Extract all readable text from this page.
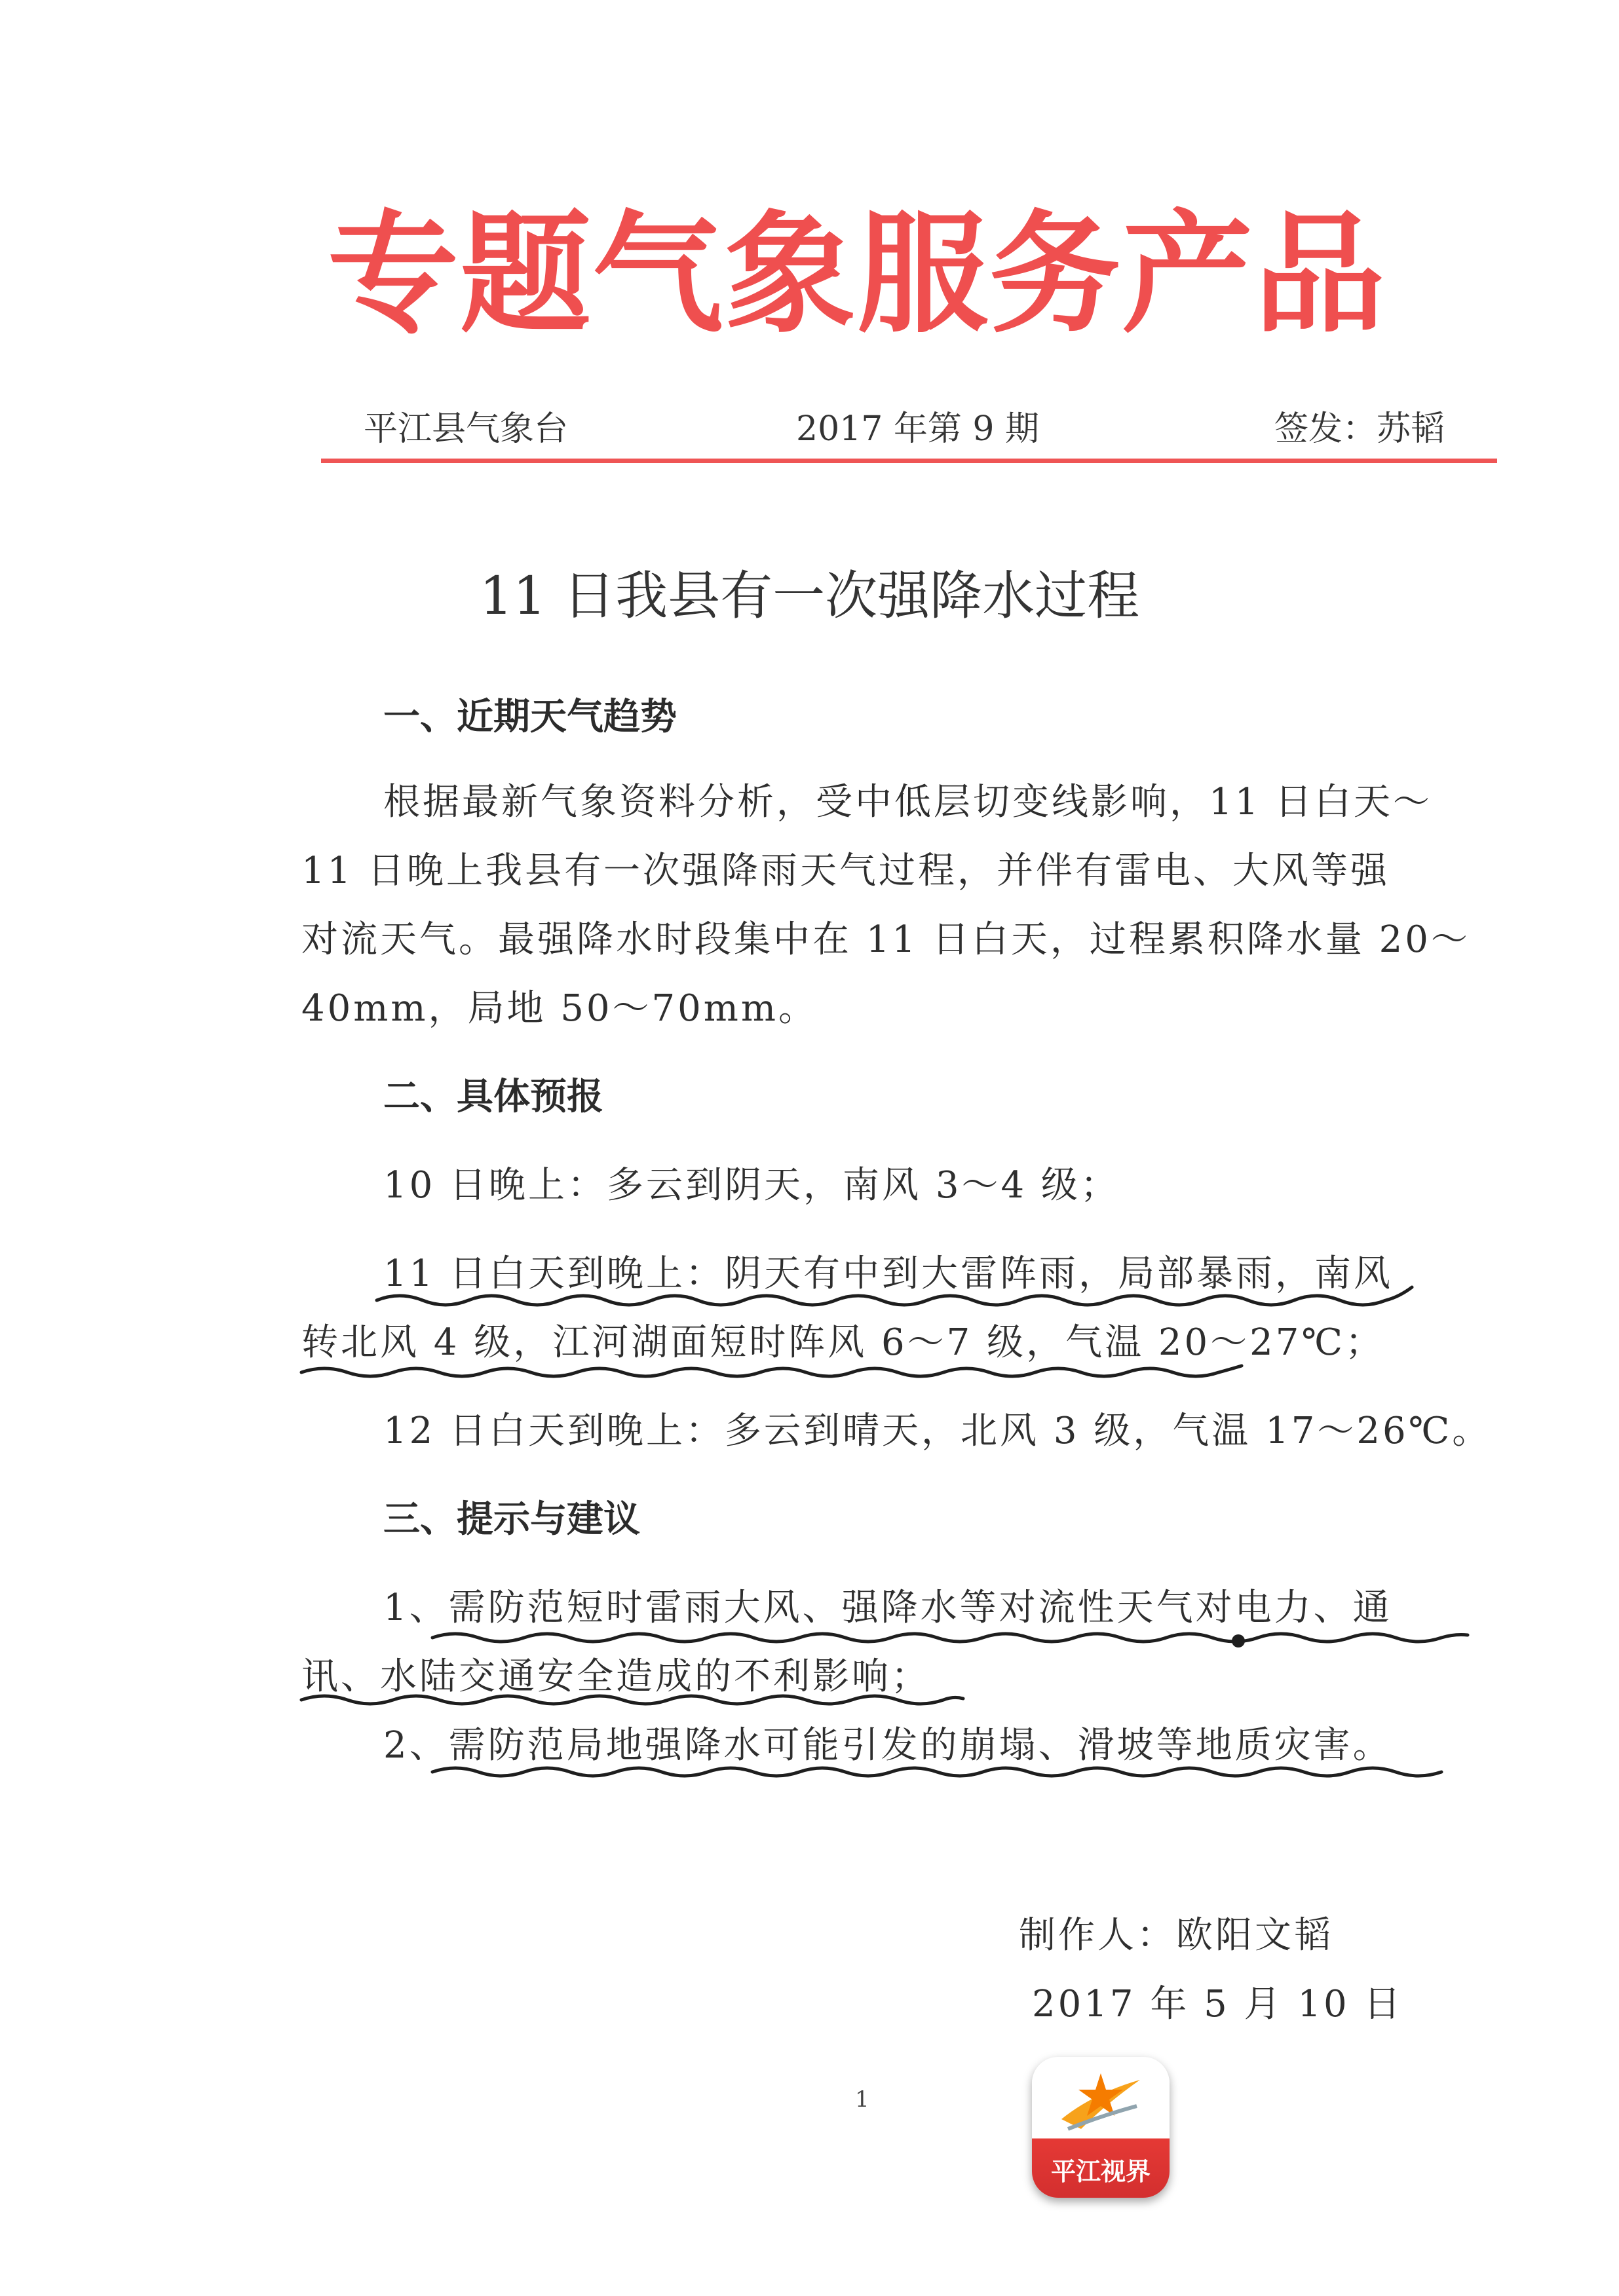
专题气象服务产品
平江县气象台	2017 年第 9 期	签发：苏韬
11 日我县有一次强降水过程
一、近期天气趋势
根据最新气象资料分析，受中低层切变线影响，11 日白天～
11 日晚上我县有一次强降雨天气过程，并伴有雷电、大风等强
对流天气。最强降水时段集中在 11 日白天，过程累积降水量 20～
40mm，局地 50～70mm。
二、具体预报
10 日晚上：多云到阴天，南风 3～4 级；
11 日白天到晚上：阴天有中到大雷阵雨，局部暴雨，南风
转北风 4 级，江河湖面短时阵风 6～7 级，气温 20～27℃；
12 日白天到晚上：多云到晴天，北风 3 级，气温 17～26℃。
三、提示与建议
1、需防范短时雷雨大风、强降水等对流性天气对电力、通
讯、水陆交通安全造成的不利影响；
2、需防范局地强降水可能引发的崩塌、滑坡等地质灾害。
制作人：欧阳文韬
2017 年 5 月 10 日
1
平江视界
